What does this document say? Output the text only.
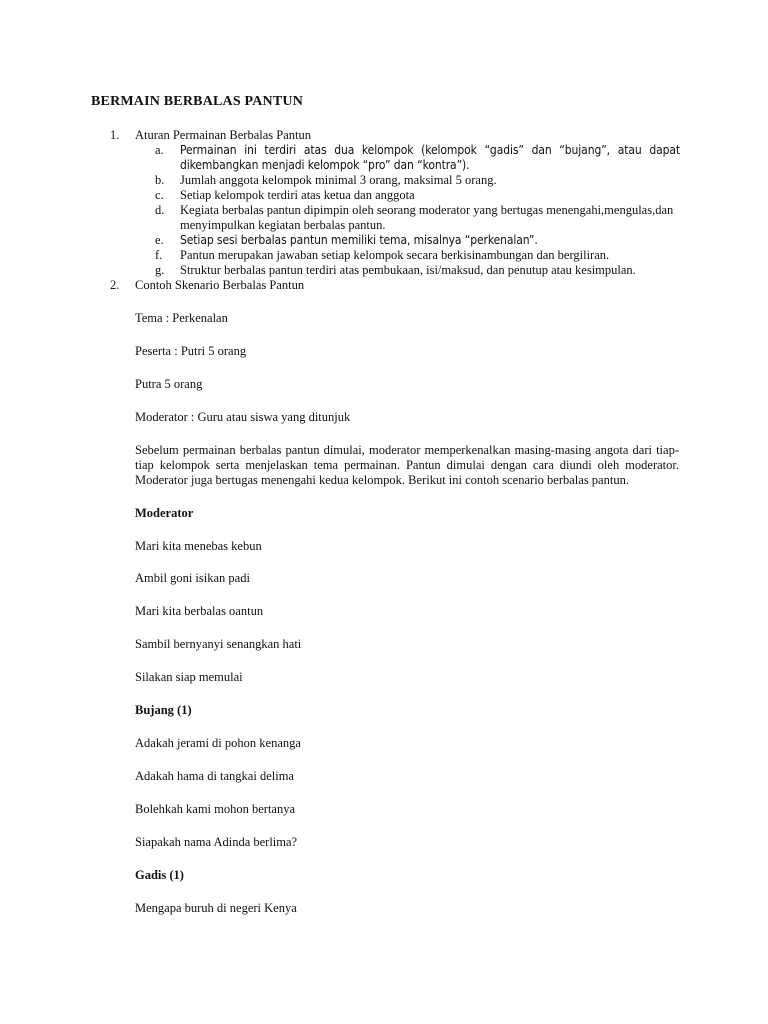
BERMAIN BERBALAS PANTUN
1.	Aturan Permainan Berbalas Pantun
a.	Permainan ini terdiri atas dua kelompok (kelompok “gadis” dan “bujang”, atau dapat dikembangkan menjadi kelompok “pro” dan “kontra”).
b.	Jumlah anggota kelompok minimal 3 orang, maksimal 5 orang.
c.	Setiap kelompok terdiri atas ketua dan anggota
d.	Kegiata berbalas pantun dipimpin oleh seorang moderator yang bertugas menengahi,mengulas,dan menyimpulkan kegiatan berbalas pantun.
e.	Setiap sesi berbalas pantun memiliki tema, misalnya “perkenalan”.
f.	Pantun merupakan jawaban setiap kelompok secara berkisinambungan dan bergiliran.
g.	Struktur berbalas pantun terdiri atas pembukaan, isi/maksud, dan penutup atau kesimpulan.
2.	Contoh Skenario Berbalas Pantun
Tema : Perkenalan
Peserta : Putri 5 orang
Putra 5 orang
Moderator : Guru atau siswa yang ditunjuk
Sebelum permainan berbalas pantun dimulai, moderator memperkenalkan masing-masing angota dari tiap-tiap kelompok serta menjelaskan tema permainan. Pantun dimulai dengan cara diundi oleh moderator. Moderator juga bertugas menengahi kedua kelompok. Berikut ini contoh scenario berbalas pantun.
Moderator
Mari kita menebas kebun
Ambil goni isikan padi
Mari kita berbalas oantun
Sambil bernyanyi senangkan hati
Silakan siap memulai
Bujang (1)
Adakah jerami di pohon kenanga
Adakah hama di tangkai delima
Bolehkah kami mohon bertanya
Siapakah nama Adinda berlima?
Gadis (1)
Mengapa buruh di negeri Kenya
